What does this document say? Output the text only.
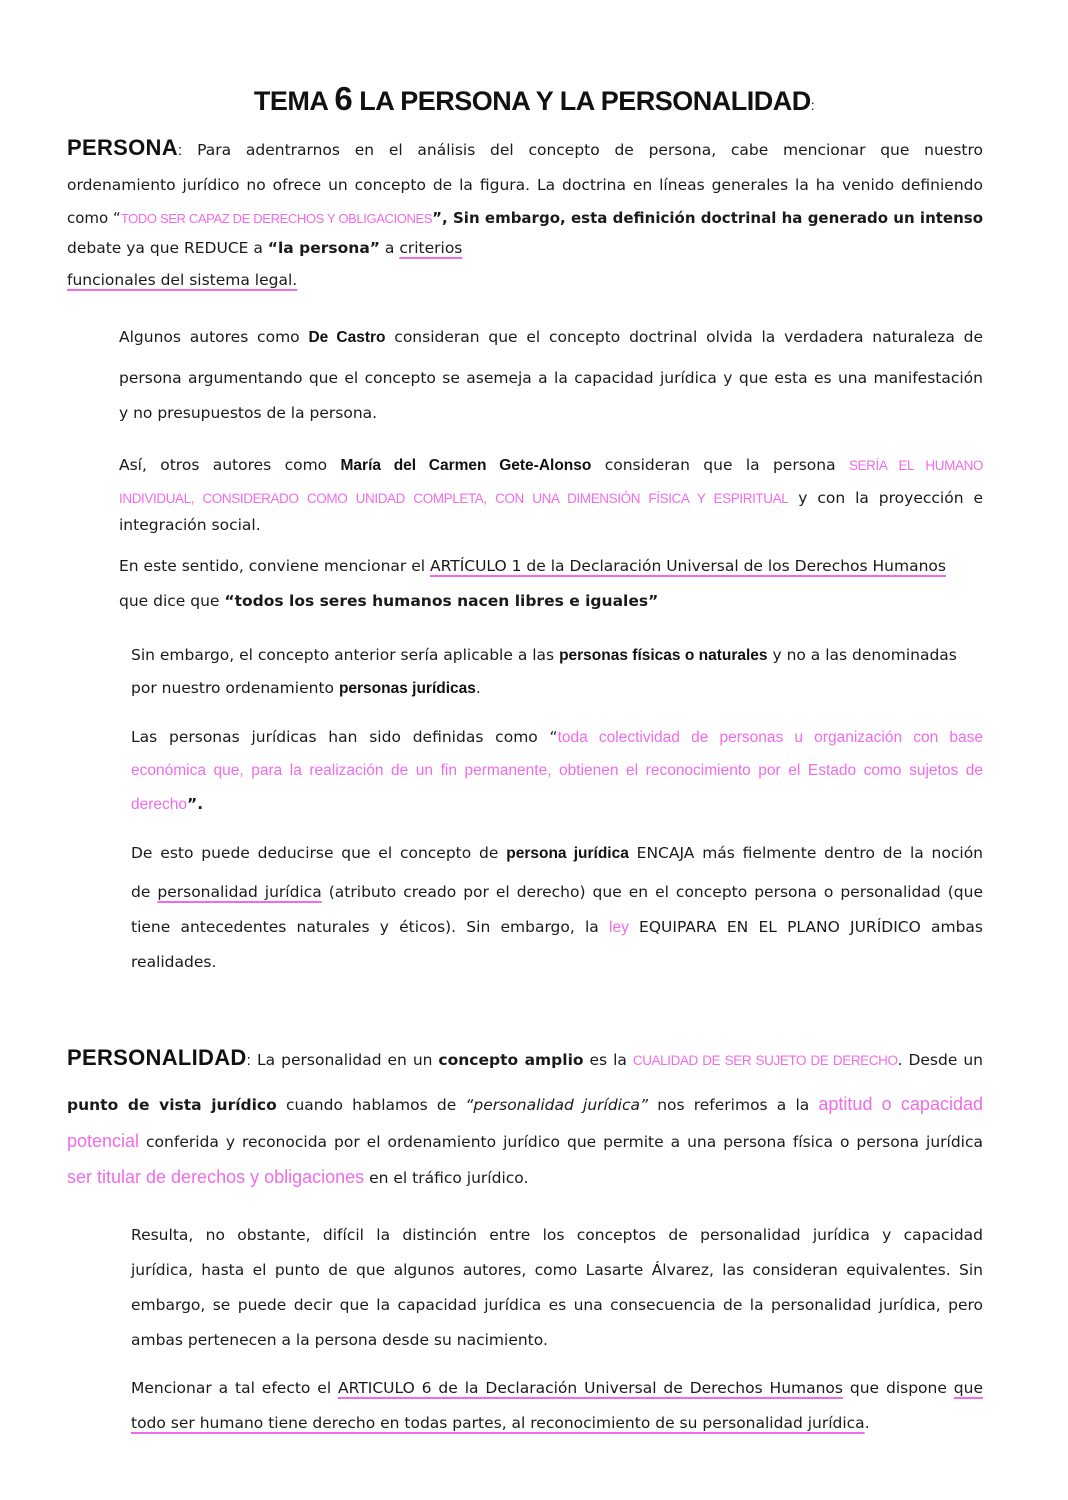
TEMA 6 LA PERSONA Y LA PERSONALIDAD:
PERSONA: Para adentrarnos en el análisis del concepto de persona, cabe mencionar que nuestro
ordenamiento jurídico no ofrece un concepto de la figura. La doctrina en líneas generales la ha venido definiendo
como “TODO SER CAPAZ DE DERECHOS Y OBLIGACIONES”, Sin embargo, esta definición doctrinal ha generado un intenso
debate ya que REDUCE a “la persona” a criterios
funcionales del sistema legal.
Algunos autores como De Castro consideran que el concepto doctrinal olvida la verdadera naturaleza de
persona argumentando que el concepto se asemeja a la capacidad jurídica y que esta es una manifestación
y no presupuestos de la persona.
Así, otros autores como María del Carmen Gete-Alonso consideran que la persona SERÍA EL HUMANO
INDIVIDUAL, CONSIDERADO COMO UNIDAD COMPLETA, CON UNA DIMENSIÓN FÍSICA Y ESPIRITUAL y con la proyección e
integración social.
En este sentido, conviene mencionar el ARTÍCULO 1 de la Declaración Universal de los Derechos Humanos
que dice que “todos los seres humanos nacen libres e iguales”
Sin embargo, el concepto anterior sería aplicable a las personas físicas o naturales y no a las denominadas
por nuestro ordenamiento personas jurídicas.
Las personas jurídicas han sido definidas como “toda colectividad de personas u organización con base
económica que, para la realización de un fin permanente, obtienen el reconocimiento por el Estado como sujetos de
derecho”.
De esto puede deducirse que el concepto de persona jurídica ENCAJA más fielmente dentro de la noción
de personalidad jurídica (atributo creado por el derecho) que en el concepto persona o personalidad (que
tiene antecedentes naturales y éticos). Sin embargo, la ley EQUIPARA EN EL PLANO JURÍDICO ambas
realidades.
PERSONALIDAD: La personalidad en un concepto amplio es la CUALIDAD DE SER SUJETO DE DERECHO. Desde un
punto de vista jurídico cuando hablamos de “personalidad jurídica” nos referimos a la aptitud o capacidad
potencial conferida y reconocida por el ordenamiento jurídico que permite a una persona física o persona jurídica
ser titular de derechos y obligaciones en el tráfico jurídico.
Resulta, no obstante, difícil la distinción entre los conceptos de personalidad jurídica y capacidad
jurídica, hasta el punto de que algunos autores, como Lasarte Álvarez, las consideran equivalentes. Sin
embargo, se puede decir que la capacidad jurídica es una consecuencia de la personalidad jurídica, pero
ambas pertenecen a la persona desde su nacimiento.
Mencionar a tal efecto el ARTICULO 6 de la Declaración Universal de Derechos Humanos que dispone que
todo ser humano tiene derecho en todas partes, al reconocimiento de su personalidad jurídica.
